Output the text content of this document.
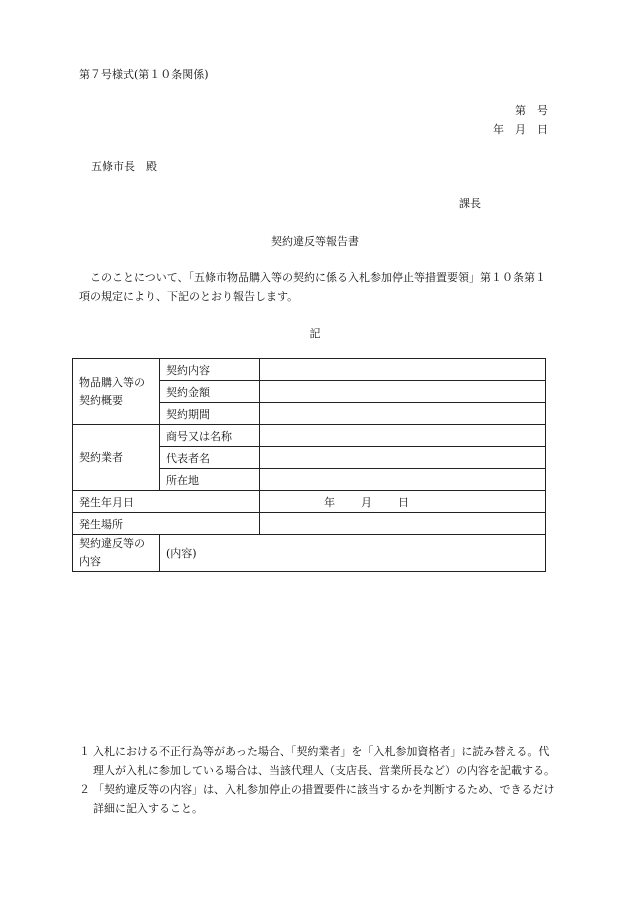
第７号様式(第１０条関係)
第　号
年　月　日
五條市長　殿
課長
契約違反等報告書
このことについて、「五條市物品購入等の契約に係る入札参加停止等措置要領」第１０条第１項の規定により、下記のとおり報告します。
記
物品購入等の契約概要	契約内容	
	契約金額	
	契約期間	
契約業者	商号又は名称	
	代表者名	
	所在地	
発生年月日		年 月 日
発生場所		
契約違反等の内容	(内容)	
１ 入札における不正行為等があった場合、「契約業者」を「入札参加資格者」に読み替える。代理人が入札に参加している場合は、当該代理人（支店長、営業所長など）の内容を記載する。
２ 「契約違反等の内容」は、入札参加停止の措置要件に該当するかを判断するため、できるだけ詳細に記入すること。
